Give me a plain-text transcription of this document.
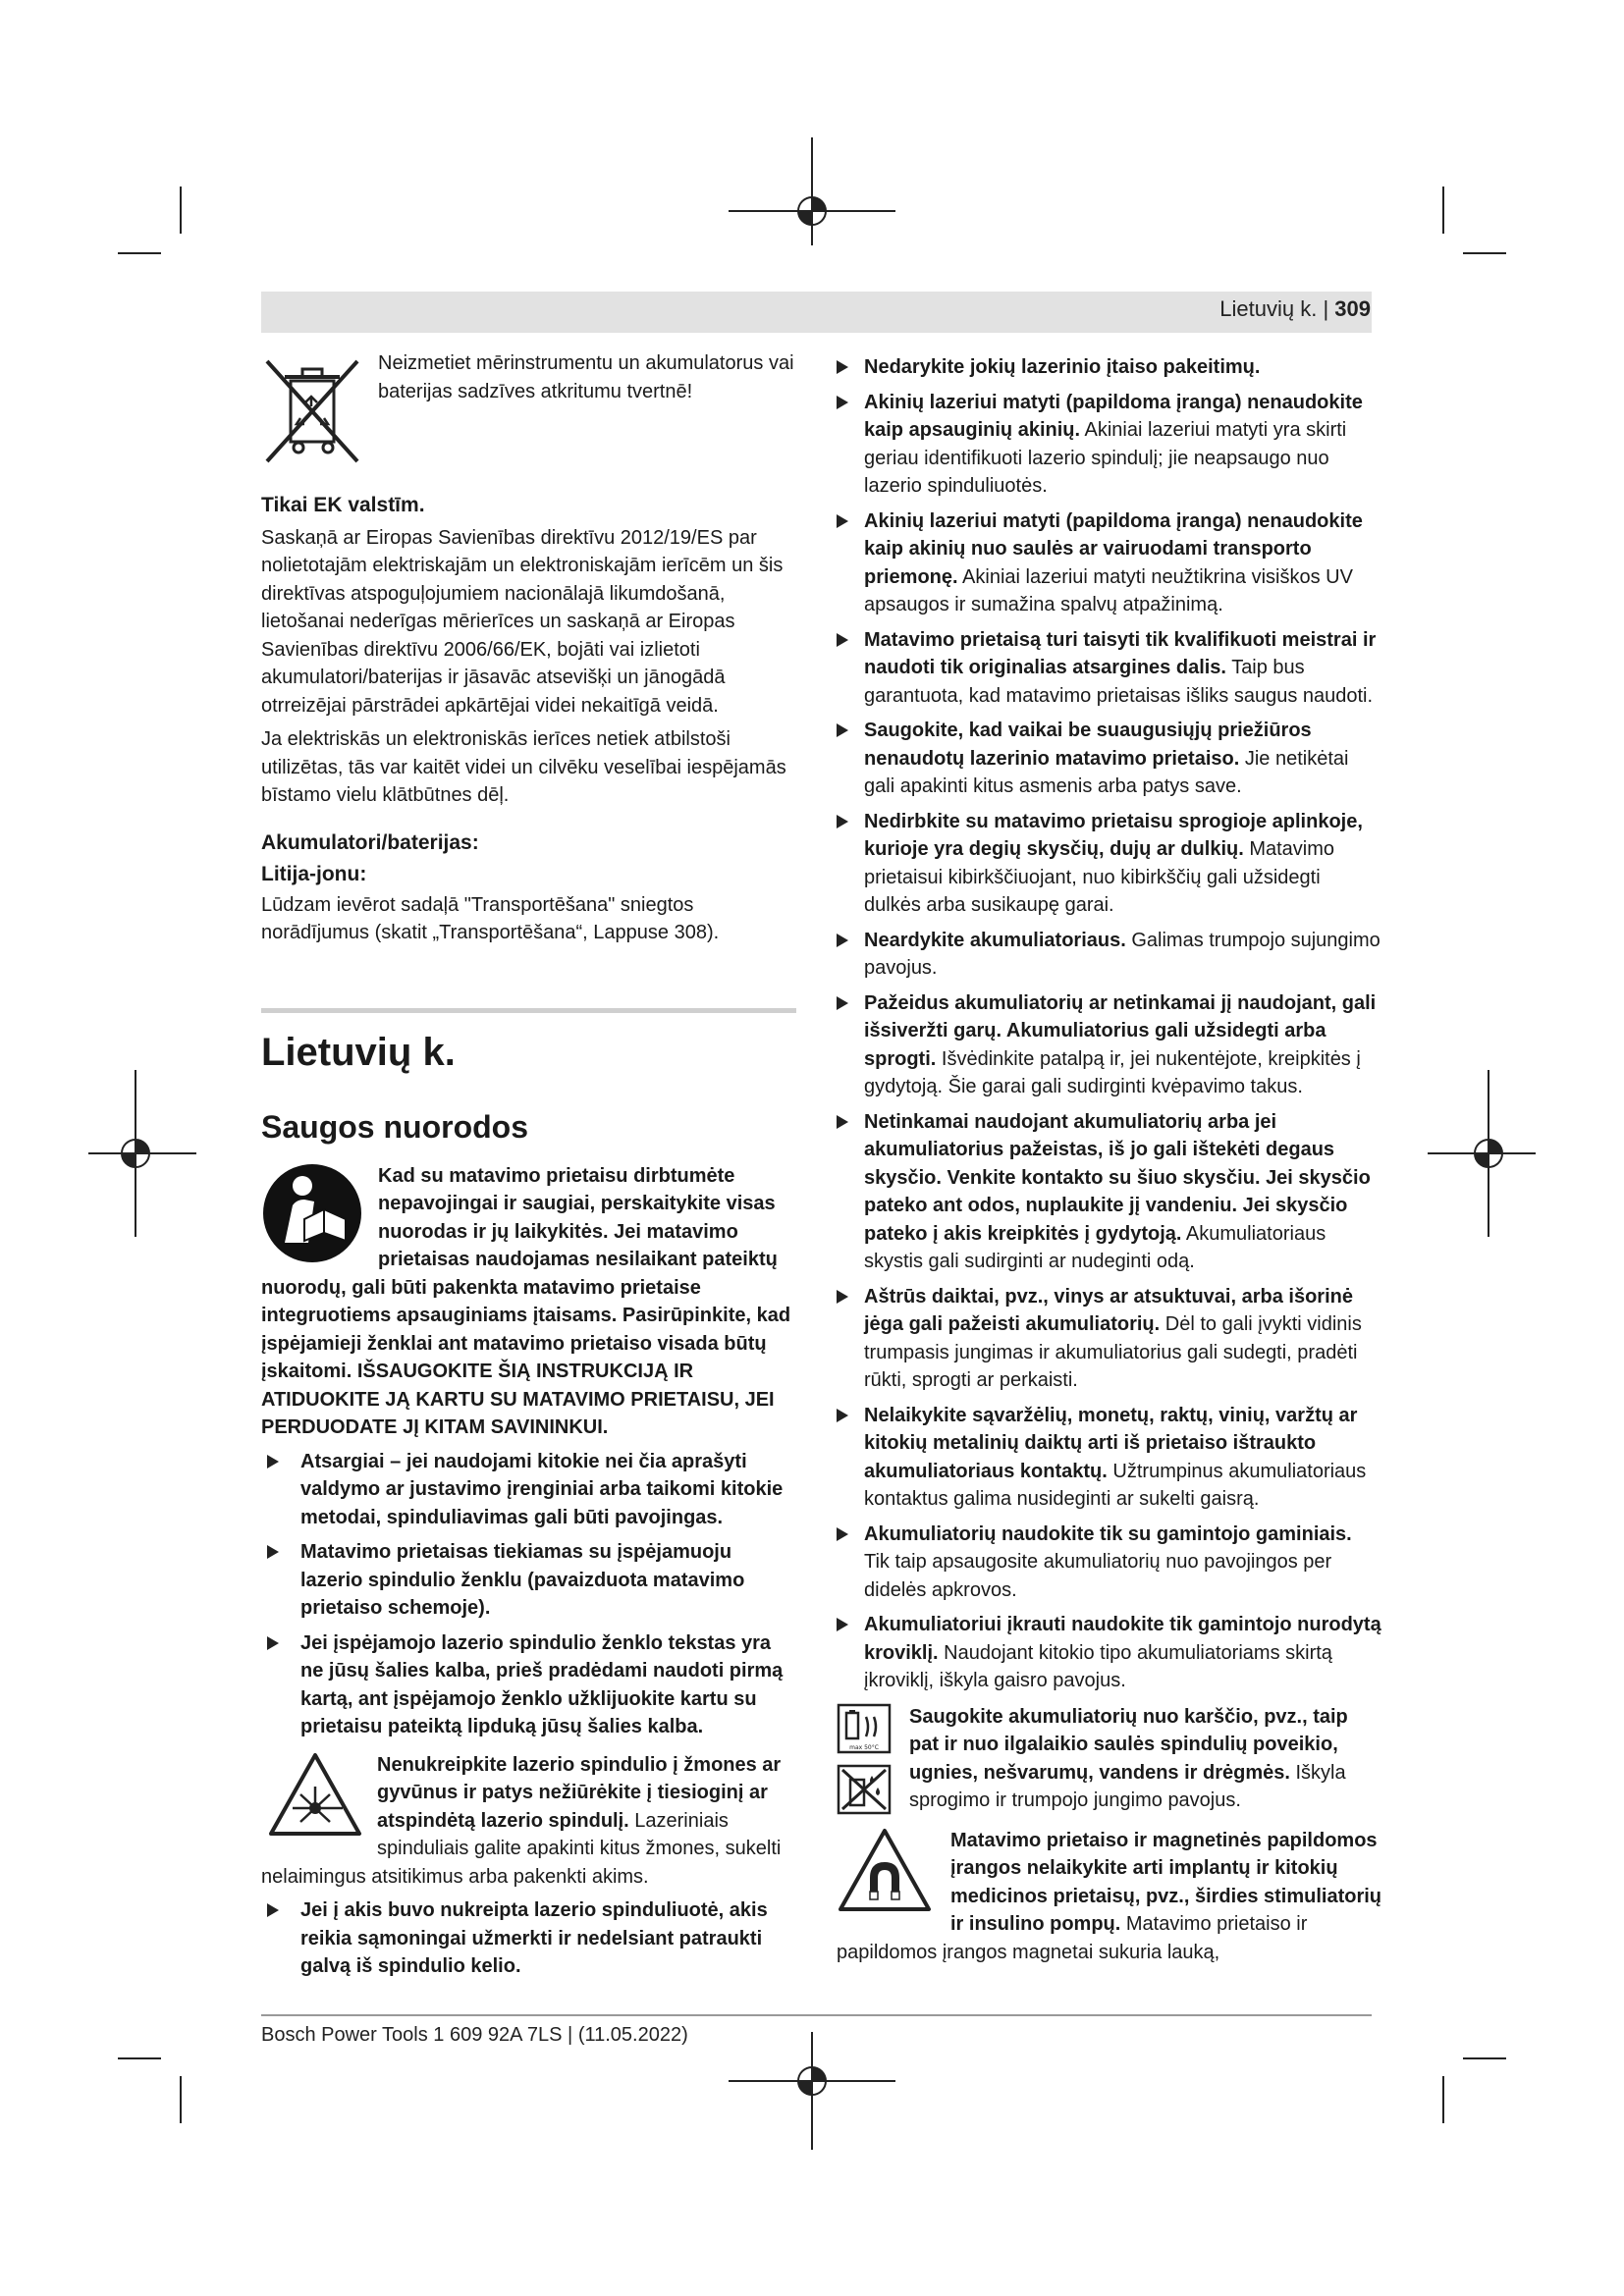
Lietuvių k. | 309

Neizmetiet mērinstrumentu un akumulatorus vai baterijas sadzīves atkritumu tvertnē!

Tikai EK valstīm.

Saskaņā ar Eiropas Savienības direktīvu 2012/19/ES par nolietotajām elektriskajām un elektroniskajām ierīcēm un šis direktīvas atspoguļojumiem nacionālajā likumdošanā, lietošanai nederīgas mērierīces un saskaņā ar Eiropas Savienības direktīvu 2006/66/EK, bojāti vai izlietoti akumulatori/baterijas ir jāsavāc atsevišķi un jānogādā otrreizējai pārstrādei apkārtējai videi nekaitīgā veidā.

Ja elektriskās un elektroniskās ierīces netiek atbilstoši utilizētas, tās var kaitēt videi un cilvēku veselībai iespējamās bīstamo vielu klātbūtnes dēļ.

Akumulatori/baterijas:
Litija-jonu:

Lūdzam ievērot sadaļā "Transportēšana" sniegtos norādījumus (skatit „Transportēšana“, Lappuse 308).

Lietuvių k.
Saugos nuorodos

Kad su matavimo prietaisu dirbtumėte nepavojingai ir saugiai, perskaitykite visas nuorodas ir jų laikykitės. Jei matavimo prietaisas naudojamas nesilaikant pateiktų nuorodų, gali būti pakenkta matavimo prietaise integruotiems apsauginiams įtaisams. Pasirūpinkite, kad įspėjamieji ženklai ant matavimo prietaiso visada būtų įskaitomi. IŠSAUGOKITE ŠIĄ INSTRUKCIJĄ IR ATIDUOKITE JĄ KARTU SU MATAVIMO PRIETAISU, JEI PERDUODATE JĮ KITAM SAVININKUI.

Atsargiai – jei naudojami kitokie nei čia aprašyti valdymo ar justavimo įrenginiai arba taikomi kitokie metodai, spinduliavimas gali būti pavojingas.
Matavimo prietaisas tiekiamas su įspėjamuoju lazerio spindulio ženklu (pavaizduota matavimo prietaiso schemoje).
Jei įspėjamojo lazerio spindulio ženklo tekstas yra ne jūsų šalies kalba, prieš pradėdami naudoti pirmą kartą, ant įspėjamojo ženklo užklijuokite kartu su prietaisu pateiktą lipduką jūsų šalies kalba.

Nenukreipkite lazerio spindulio į žmones ar gyvūnus ir patys nežiūrėkite į tiesioginį ar atspindėtą lazerio spindulį. Lazeriniais spinduliais galite apakinti kitus žmones, sukelti nelaimingus atsitikimus arba pakenkti akims.

Jei į akis buvo nukreipta lazerio spinduliuotė, akis reikia sąmoningai užmerkti ir nedelsiant patraukti galvą iš spindulio kelio.
Nedarykite jokių lazerinio įtaiso pakeitimų.
Akinių lazeriui matyti (papildoma įranga) nenaudokite kaip apsauginių akinių. Akiniai lazeriui matyti yra skirti geriau identifikuoti lazerio spindulį; jie neapsaugo nuo lazerio spinduliuotės.
Akinių lazeriui matyti (papildoma įranga) nenaudokite kaip akinių nuo saulės ar vairuodami transporto priemonę. Akiniai lazeriui matyti neužtikrina visiškos UV apsaugos ir sumažina spalvų atpažinimą.
Matavimo prietaisą turi taisyti tik kvalifikuoti meistrai ir naudoti tik originalias atsargines dalis. Taip bus garantuota, kad matavimo prietaisas išliks saugus naudoti.
Saugokite, kad vaikai be suaugusiųjų priežiūros nenaudotų lazerinio matavimo prietaiso. Jie netikėtai gali apakinti kitus asmenis arba patys save.
Nedirbkite su matavimo prietaisu sprogioje aplinkoje, kurioje yra degių skysčių, dujų ar dulkių. Matavimo prietaisui kibirkščiuojant, nuo kibirkščių gali užsidegti dulkės arba susikaupę garai.
Neardykite akumuliatoriaus. Galimas trumpojo sujungimo pavojus.
Pažeidus akumuliatorių ar netinkamai jį naudojant, gali išsiveržti garų. Akumuliatorius gali užsidegti arba sprogti. Išvėdinkite patalpą ir, jei nukentėjote, kreipkitės į gydytoją. Šie garai gali sudirginti kvėpavimo takus.
Netinkamai naudojant akumuliatorių arba jei akumuliatorius pažeistas, iš jo gali ištekėti degaus skysčio. Venkite kontakto su šiuo skysčiu. Jei skysčio pateko ant odos, nuplaukite jį vandeniu. Jei skysčio pateko į akis kreipkitės į gydytoją. Akumuliatoriaus skystis gali sudirginti ar nudeginti odą.
Aštrūs daiktai, pvz., vinys ar atsuktuvai, arba išorinė jėga gali pažeisti akumuliatorių. Dėl to gali įvykti vidinis trumpasis jungimas ir akumuliatorius gali sudegti, pradėti rūkti, sprogti ar perkaisti.
Nelaikykite sąvaržėlių, monetų, raktų, vinių, varžtų ar kitokių metalinių daiktų arti iš prietaiso ištraukto akumuliatoriaus kontaktų. Užtrumpinus akumuliatoriaus kontaktus galima nusideginti ar sukelti gaisrą.
Akumuliatorių naudokite tik su gamintojo gaminiais. Tik taip apsaugosite akumuliatorių nuo pavojingos per didelės apkrovos.
Akumuliatoriui įkrauti naudokite tik gamintojo nurodytą kroviklį. Naudojant kitokio tipo akumuliatoriams skirtą įkroviklį, iškyla gaisro pavojus.
max 50°C

Saugokite akumuliatorių nuo karščio, pvz., taip pat ir nuo ilgalaikio saulės spindulių poveikio, ugnies, nešvarumų, vandens ir drėgmės. Iškyla sprogimo ir trumpojo jungimo pavojus.

Matavimo prietaiso ir magnetinės papildomos įrangos nelaikykite arti implantų ir kitokių medicinos prietaisų, pvz., širdies stimuliatorių ir insulino pompų. Matavimo prietaiso ir papildomos įrangos magnetai sukuria lauką,

Bosch Power Tools 1 609 92A 7LS | (11.05.2022)
